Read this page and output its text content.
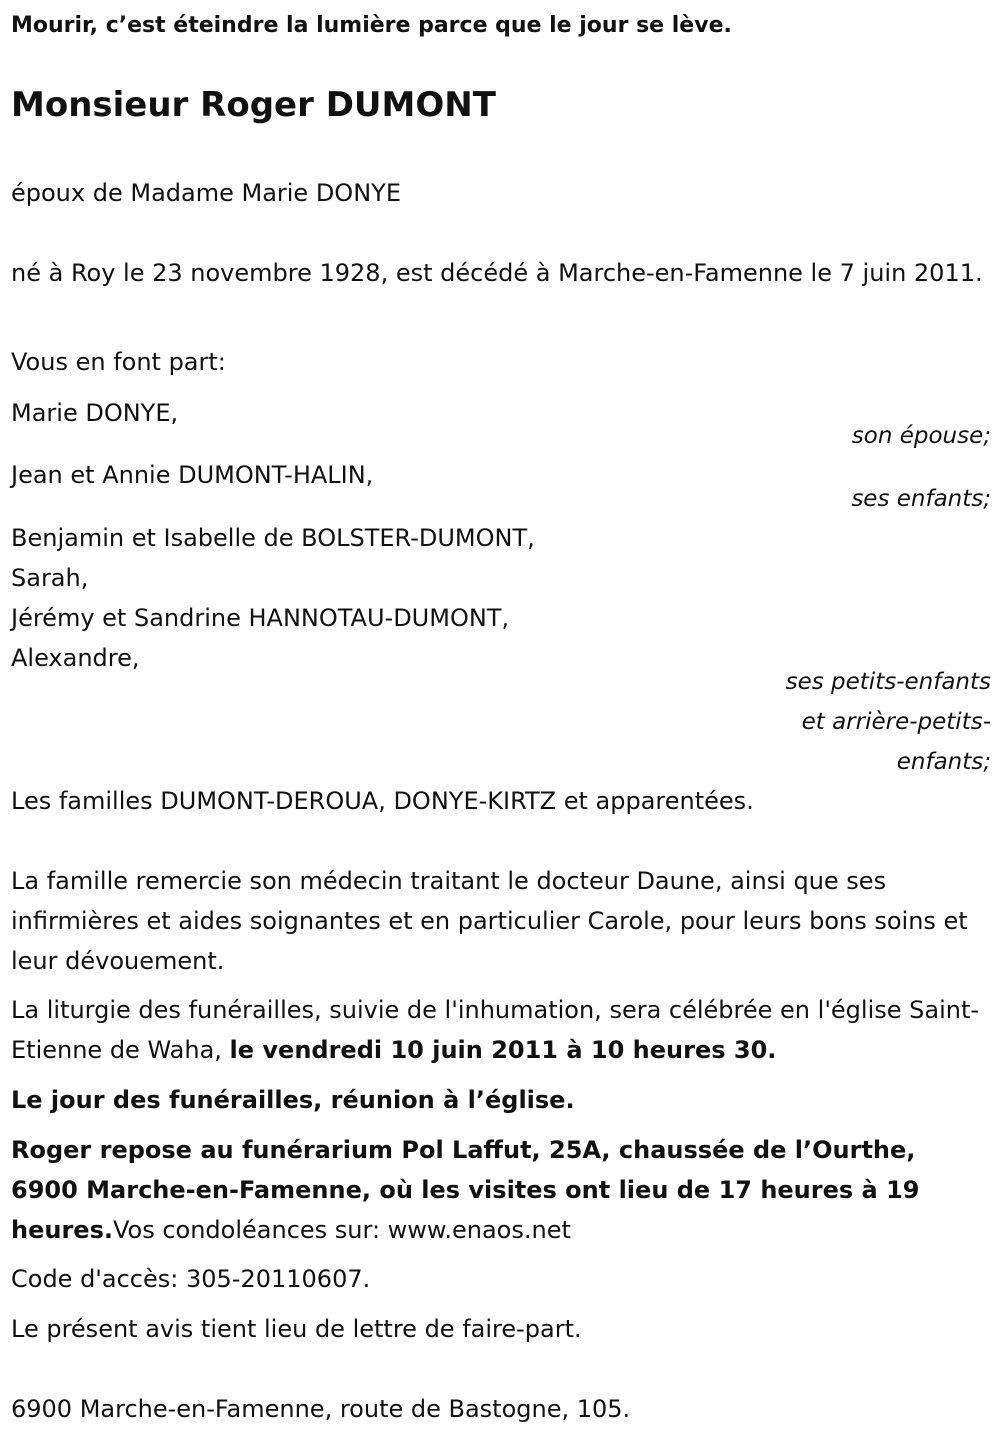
Mourir, c’est éteindre la lumière parce que le jour se lève.
Monsieur Roger DUMONT
époux de Madame Marie DONYE
né à Roy le 23 novembre 1928, est décédé à Marche-en-Famenne le 7 juin 2011.
Vous en font part:
Marie DONYE,
son épouse;
Jean et Annie DUMONT-HALIN,
ses enfants;
Benjamin et Isabelle de BOLSTER-DUMONT,
Sarah,
Jérémy et Sandrine HANNOTAU-DUMONT,
Alexandre,
ses petits-enfants
et arrière-petits-
enfants;
Les familles DUMONT-DEROUA, DONYE-KIRTZ et apparentées.
La famille remercie son médecin traitant le docteur Daune, ainsi que ses infirmières et aides soignantes et en particulier Carole, pour leurs bons soins et leur dévouement.
La liturgie des funérailles, suivie de l'inhumation, sera célébrée en l'église Saint-Etienne de Waha, le vendredi 10 juin 2011 à 10 heures 30.
Le jour des funérailles, réunion à l’église.
Roger repose au funérarium Pol Laffut, 25A, chaussée de l’Ourthe, 6900 Marche-en-Famenne, où les visites ont lieu de 17 heures à 19 heures.Vos condoléances sur: www.enaos.net
Code d'accès: 305-20110607.
Le présent avis tient lieu de lettre de faire-part.
6900 Marche-en-Famenne, route de Bastogne, 105.
